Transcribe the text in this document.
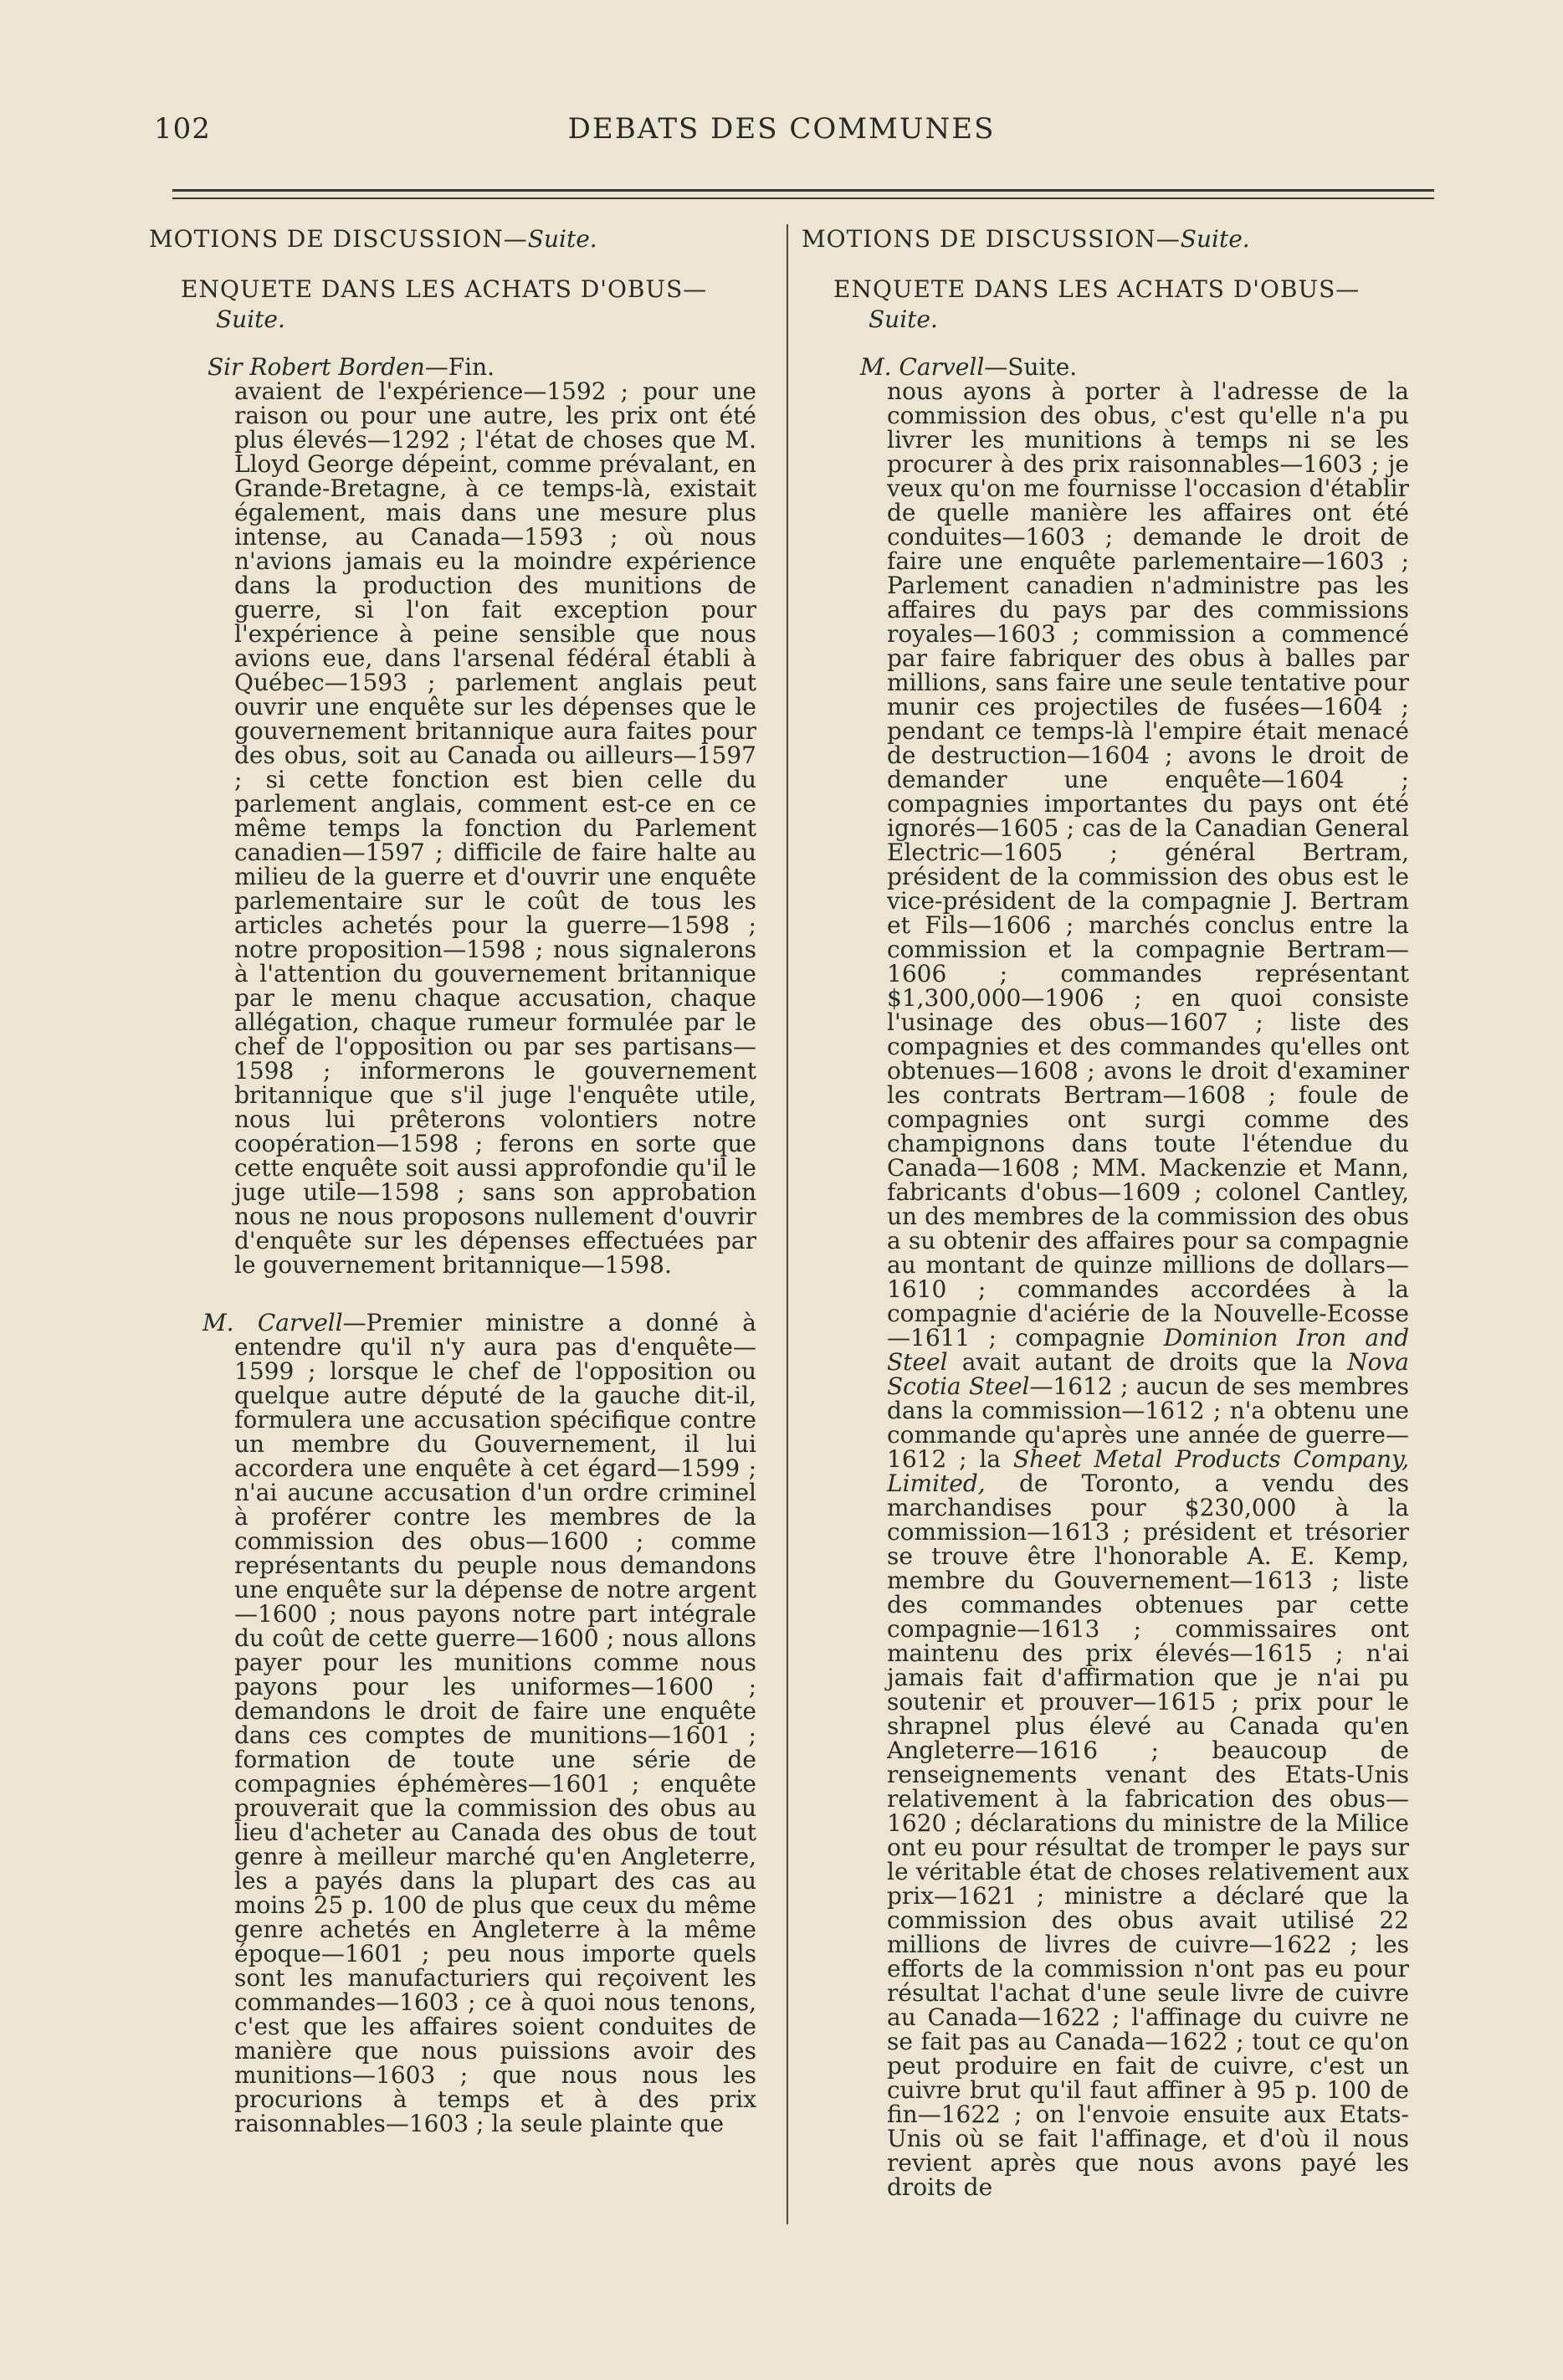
102	DEBATS DES COMMUNES
MOTIONS DE DISCUSSION—Suite.
ENQUETE DANS LES ACHATS D'OBUS— Suite.
Sir Robert Borden—Fin.
avaient de l'expérience—1592 ; pour une raison ou pour une autre, les prix ont été plus élevés—1292 ; l'état de choses que M. Lloyd George dépeint, comme prévalant, en Grande-Bretagne, à ce temps-là, existait également, mais dans une mesure plus intense, au Canada—1593 ; où nous n'avions jamais eu la moindre expérience dans la production des munitions de guerre, si l'on fait exception pour l'expérience à peine sensible que nous avions eue, dans l'arsenal fédéral établi à Québec—1593 ; parlement anglais peut ouvrir une enquête sur les dépenses que le gouvernement britannique aura faites pour des obus, soit au Canada ou ailleurs—1597 ; si cette fonction est bien celle du parlement anglais, comment est-ce en ce même temps la fonction du Parlement canadien—1597 ; difficile de faire halte au milieu de la guerre et d'ouvrir une enquête parlementaire sur le coût de tous les articles achetés pour la guerre—1598 ; notre proposition—1598 ; nous signalerons à l'attention du gouvernement britannique par le menu chaque accusation, chaque allégation, chaque rumeur formulée par le chef de l'opposition ou par ses partisans—1598 ; informerons le gouvernement britannique que s'il juge l'enquête utile, nous lui prêterons volontiers notre coopération—1598 ; ferons en sorte que cette enquête soit aussi approfondie qu'il le juge utile—1598 ; sans son approbation nous ne nous proposons nullement d'ouvrir d'enquête sur les dépenses effectuées par le gouvernement britannique—1598.
M. Carvell—Premier ministre a donné à entendre qu'il n'y aura pas d'enquête—1599 ; lorsque le chef de l'opposition ou quelque autre député de la gauche dit-il, formulera une accusation spécifique contre un membre du Gouvernement, il lui accordera une enquête à cet égard—1599 ; n'ai aucune accusation d'un ordre criminel à proférer contre les membres de la commission des obus—1600 ; comme représentants du peuple nous demandons une enquête sur la dépense de notre argent—1600 ; nous payons notre part intégrale du coût de cette guerre—1600 ; nous allons payer pour les munitions comme nous payons pour les uniformes—1600 ; demandons le droit de faire une enquête dans ces comptes de munitions—1601 ; formation de toute une série de compagnies éphémères—1601 ; enquête prouverait que la commission des obus au lieu d'acheter au Canada des obus de tout genre à meilleur marché qu'en Angleterre, les a payés dans la plupart des cas au moins 25 p. 100 de plus que ceux du même genre achetés en Angleterre à la même époque—1601 ; peu nous importe quels sont les manufacturiers qui reçoivent les commandes—1603 ; ce à quoi nous tenons, c'est que les affaires soient conduites de manière que nous puissions avoir des munitions—1603 ; que nous nous les procurions à temps et à des prix raisonnables—1603 ; la seule plainte que
MOTIONS DE DISCUSSION—Suite.
ENQUETE DANS LES ACHATS D'OBUS— Suite.
M. Carvell—Suite.
nous ayons à porter à l'adresse de la commission des obus, c'est qu'elle n'a pu livrer les munitions à temps ni se les procurer à des prix raisonnables—1603 ; je veux qu'on me fournisse l'occasion d'établir de quelle manière les affaires ont été conduites—1603 ; demande le droit de faire une enquête parlementaire—1603 ; Parlement canadien n'administre pas les affaires du pays par des commissions royales—1603 ; commission a commencé par faire fabriquer des obus à balles par millions, sans faire une seule tentative pour munir ces projectiles de fusées—1604 ; pendant ce temps-là l'empire était menacé de destruction—1604 ; avons le droit de demander une enquête—1604 ; compagnies importantes du pays ont été ignorés—1605 ; cas de la Canadian General Electric—1605 ; général Bertram, président de la commission des obus est le vice-président de la compagnie J. Bertram et Fils—1606 ; marchés conclus entre la commission et la compagnie Bertram—1606 ; commandes représentant $1,300,000—1906 ; en quoi consiste l'usinage des obus—1607 ; liste des compagnies et des commandes qu'elles ont obtenues—1608 ; avons le droit d'examiner les contrats Bertram—1608 ; foule de compagnies ont surgi comme des champignons dans toute l'étendue du Canada—1608 ; MM. Mackenzie et Mann, fabricants d'obus—1609 ; colonel Cantley, un des membres de la commission des obus a su obtenir des affaires pour sa compagnie au montant de quinze millions de dollars—1610 ; commandes accordées à la compagnie d'aciérie de la Nouvelle-Ecosse—1611 ; compagnie Dominion Iron and Steel avait autant de droits que la Nova Scotia Steel—1612 ; aucun de ses membres dans la commission—1612 ; n'a obtenu une commande qu'après une année de guerre—1612 ; la Sheet Metal Products Company, Limited, de Toronto, a vendu des marchandises pour $230,000 à la commission—1613 ; président et trésorier se trouve être l'honorable A. E. Kemp, membre du Gouvernement—1613 ; liste des commandes obtenues par cette compagnie—1613 ; commissaires ont maintenu des prix élevés—1615 ; n'ai jamais fait d'affirmation que je n'ai pu soutenir et prouver—1615 ; prix pour le shrapnel plus élevé au Canada qu'en Angleterre—1616 ; beaucoup de renseignements venant des Etats-Unis relativement à la fabrication des obus—1620 ; déclarations du ministre de la Milice ont eu pour résultat de tromper le pays sur le véritable état de choses relativement aux prix—1621 ; ministre a déclaré que la commission des obus avait utilisé 22 millions de livres de cuivre—1622 ; les efforts de la commission n'ont pas eu pour résultat l'achat d'une seule livre de cuivre au Canada—1622 ; l'affinage du cuivre ne se fait pas au Canada—1622 ; tout ce qu'on peut produire en fait de cuivre, c'est un cuivre brut qu'il faut affiner à 95 p. 100 de fin—1622 ; on l'envoie ensuite aux Etats-Unis où se fait l'affinage, et d'où il nous revient après que nous avons payé les droits de
